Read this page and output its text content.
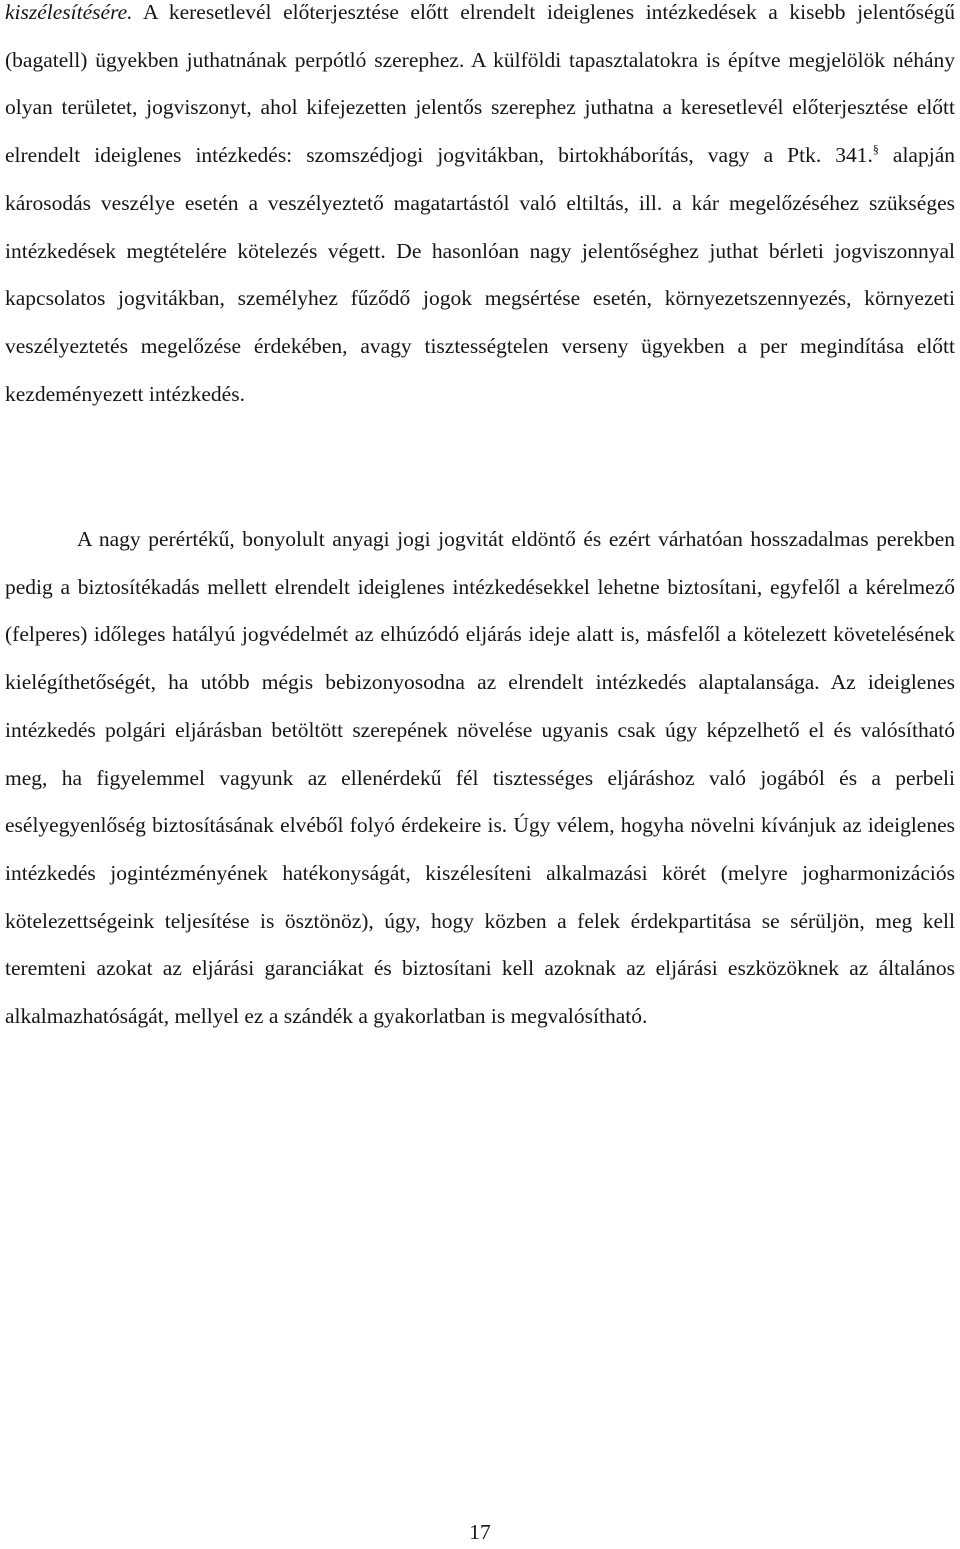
kiszélesítésére. A keresetlevél előterjesztése előtt elrendelt ideiglenes intézkedések a kisebb jelentőségű (bagatell) ügyekben juthatnának perpótló szerephez. A külföldi tapasztalatokra is építve megjelölök néhány olyan területet, jogviszonyt, ahol kifejezetten jelentős szerephez juthatna a keresetlevél előterjesztése előtt elrendelt ideiglenes intézkedés: szomszédjogi jogvitákban, birtokháborítás, vagy a Ptk. 341.§ alapján károsodás veszélye esetén a veszélyeztető magatartástól való eltiltás, ill. a kár megelőzéséhez szükséges intézkedések megtételére kötelezés végett. De hasonlóan nagy jelentőséghez juthat bérleti jogviszonnyal kapcsolatos jogvitákban, személyhez fűződő jogok megsértése esetén, környezetszennyezés, környezeti veszélyeztetés megelőzése érdekében, avagy tisztességtelen verseny ügyekben a per megindítása előtt kezdeményezett intézkedés.
A nagy perértékű, bonyolult anyagi jogi jogvitát eldöntő és ezért várhatóan hosszadalmas perekben pedig a biztosítékadás mellett elrendelt ideiglenes intézkedésekkel lehetne biztosítani, egyfelől a kérelmező (felperes) időleges hatályú jogvédelmét az elhúzódó eljárás ideje alatt is, másfelől a kötelezett követelésének kielégíthetőségét, ha utóbb mégis bebizonyosodna az elrendelt intézkedés alaptalansága. Az ideiglenes intézkedés polgári eljárásban betöltött szerepének növelése ugyanis csak úgy képzelhető el és valósítható meg, ha figyelemmel vagyunk az ellenérdekű fél tisztességes eljáráshoz való jogából és a perbeli esélyegyenlőség biztosításának elvéből folyó érdekeire is. Úgy vélem, hogyha növelni kívánjuk az ideiglenes intézkedés jogintézményének hatékonyságát, kiszélesíteni alkalmazási körét (melyre jogharmonizációs kötelezettségeink teljesítése is ösztönöz), úgy, hogy közben a felek érdekpartitása se sérüljön, meg kell teremteni azokat az eljárási garanciákat és biztosítani kell azoknak az eljárási eszközöknek az általános alkalmazhatóságát, mellyel ez a szándék a gyakorlatban is megvalósítható.
17
